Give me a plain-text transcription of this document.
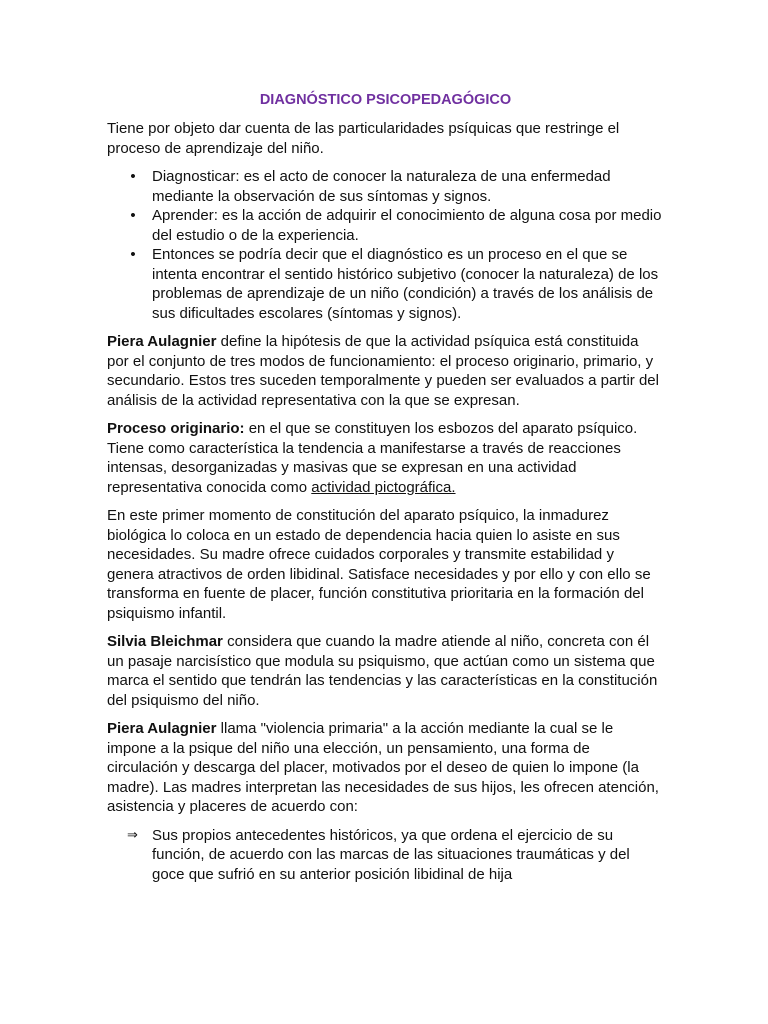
DIAGNÓSTICO PSICOPEDAGÓGICO

Tiene por objeto dar cuenta de las particularidades psíquicas que restringe el proceso de aprendizaje del niño.

• Diagnosticar: es el acto de conocer la naturaleza de una enfermedad mediante la observación de sus síntomas y signos.
• Aprender: es la acción de adquirir el conocimiento de alguna cosa por medio del estudio o de la experiencia.
• Entonces se podría decir que el diagnóstico es un proceso en el que se intenta encontrar el sentido histórico subjetivo (conocer la naturaleza) de los problemas de aprendizaje de un niño (condición) a través de los análisis de sus dificultades escolares (síntomas y signos).

Piera Aulagnier define la hipótesis de que la actividad psíquica está constituida por el conjunto de tres modos de funcionamiento: el proceso originario, primario, y secundario. Estos tres suceden temporalmente y pueden ser evaluados a partir del análisis de la actividad representativa con la que se expresan.

Proceso originario: en el que se constituyen los esbozos del aparato psíquico. Tiene como característica la tendencia a manifestarse a través de reacciones intensas, desorganizadas y masivas que se expresan en una actividad representativa conocida como actividad pictográfica.

En este primer momento de constitución del aparato psíquico, la inmadurez biológica lo coloca en un estado de dependencia hacia quien lo asiste en sus necesidades. Su madre ofrece cuidados corporales y transmite estabilidad y genera atractivos de orden libidinal. Satisface necesidades y por ello y con ello se transforma en fuente de placer, función constitutiva prioritaria en la formación del psiquismo infantil.

Silvia Bleichmar considera que cuando la madre atiende al niño, concreta con él un pasaje narcisístico que modula su psiquismo, que actúan como un sistema que marca el sentido que tendrán las tendencias y las características en la constitución del psiquismo del niño.

Piera Aulagnier llama "violencia primaria" a la acción mediante la cual se le impone a la psique del niño una elección, un pensamiento, una forma de circulación y descarga del placer, motivados por el deseo de quien lo impone (la madre). Las madres interpretan las necesidades de sus hijos, les ofrecen atención, asistencia y placeres de acuerdo con:

⇒ Sus propios antecedentes históricos, ya que ordena el ejercicio de su función, de acuerdo con las marcas de las situaciones traumáticas y del goce que sufrió en su anterior posición libidinal de hija
